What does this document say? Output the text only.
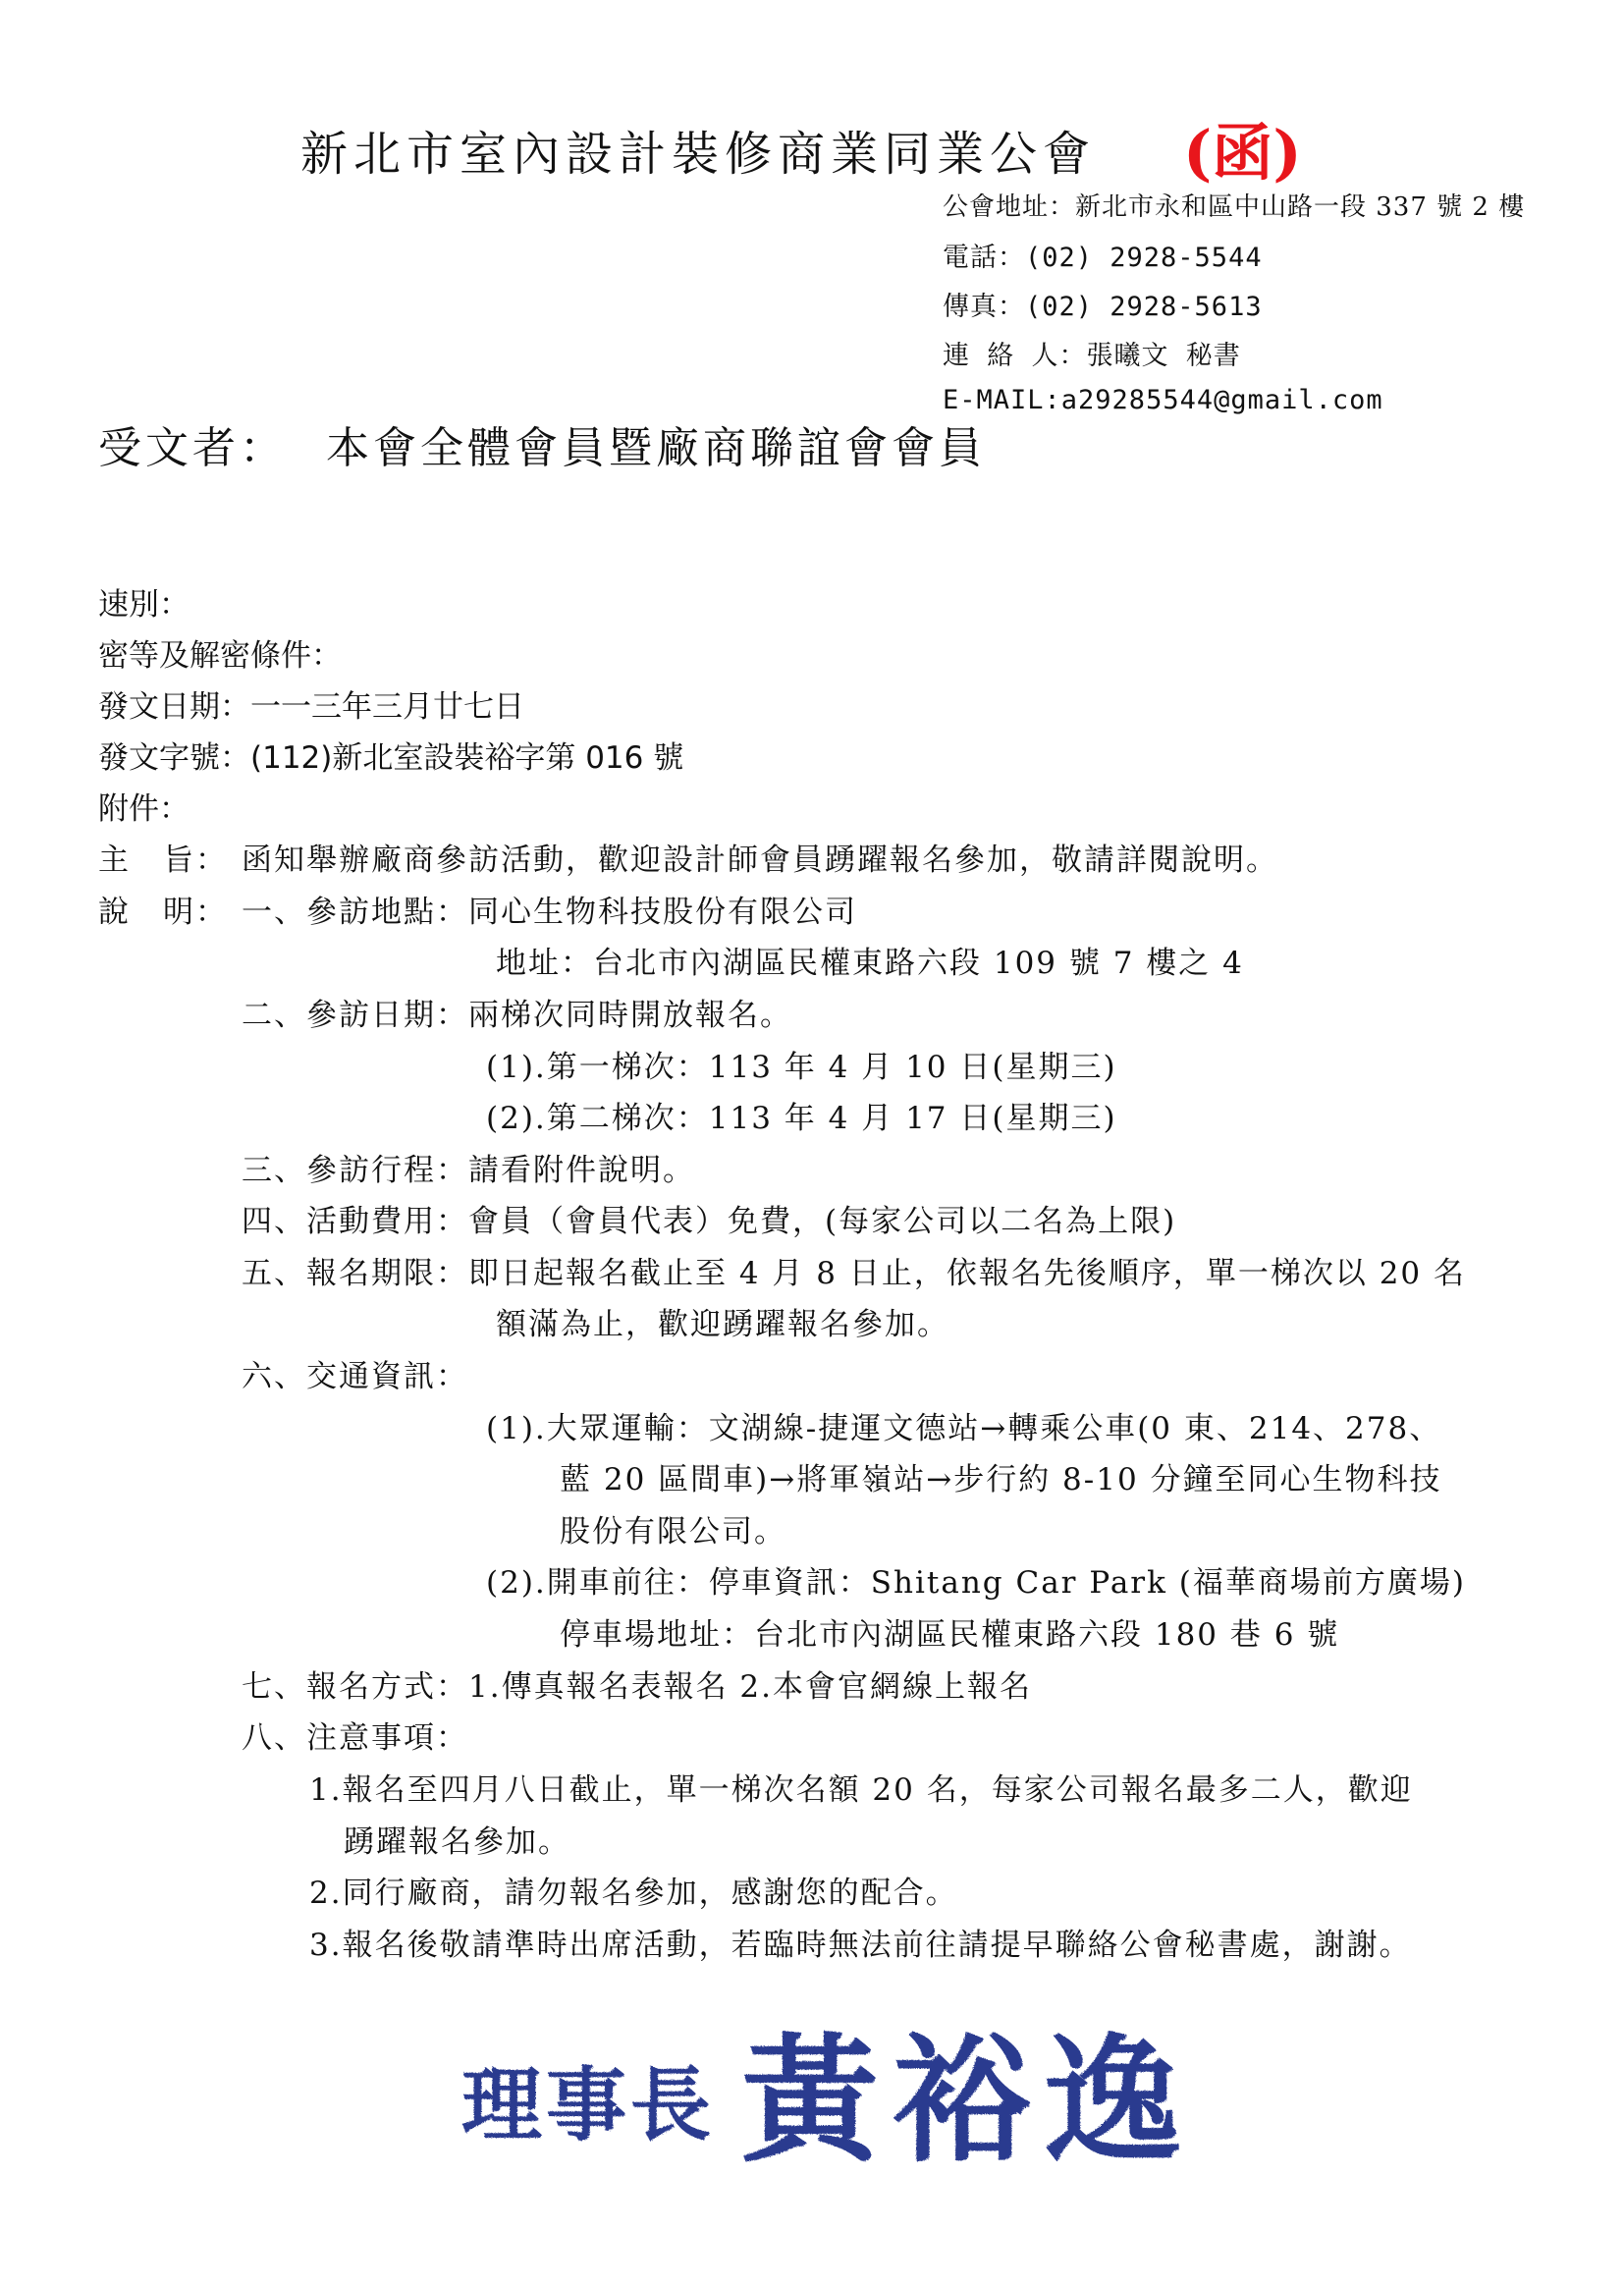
新北市室內設計裝修商業同業公會 (函)
公會地址：新北市永和區中山路一段 337 號 2 樓
電話：(02) 2928-5544
傳真：(02) 2928-5613
連 絡 人：張曦文 秘書
E-MAIL:a29285544@gmail.com
受文者： 本會全體會員暨廠商聯誼會會員
速別：
密等及解密條件：
發文日期：一一三年三月廿七日
發文字號：(112)新北室設裝裕字第 016 號
附件：
主　旨： 函知舉辦廠商參訪活動，歡迎設計師會員踴躍報名參加，敬請詳閱說明。
說　明： 一、參訪地點：同心生物科技股份有限公司
地址：台北市內湖區民權東路六段 109 號 7 樓之 4
二、參訪日期：兩梯次同時開放報名。
(1).第一梯次：113 年 4 月 10 日(星期三)
(2).第二梯次：113 年 4 月 17 日(星期三)
三、參訪行程：請看附件說明。
四、活動費用：會員（會員代表）免費，(每家公司以二名為上限)
五、報名期限：即日起報名截止至 4 月 8 日止，依報名先後順序，單一梯次以 20 名
額滿為止，歡迎踴躍報名參加。
六、交通資訊：
(1).大眾運輸：文湖線-捷運文德站→轉乘公車(0 東、214、278、
藍 20 區間車)→將軍嶺站→步行約 8-10 分鐘至同心生物科技
股份有限公司。
(2).開車前往：停車資訊：Shitang Car Park (福華商場前方廣場)
停車場地址：台北市內湖區民權東路六段 180 巷 6 號
七、報名方式：1.傳真報名表報名 2.本會官網線上報名
八、注意事項：
1.報名至四月八日截止，單一梯次名額 20 名，每家公司報名最多二人，歡迎
踴躍報名參加。
2.同行廠商，請勿報名參加，感謝您的配合。
3.報名後敬請準時出席活動，若臨時無法前往請提早聯絡公會秘書處，謝謝。
理事長 黃裕逸
